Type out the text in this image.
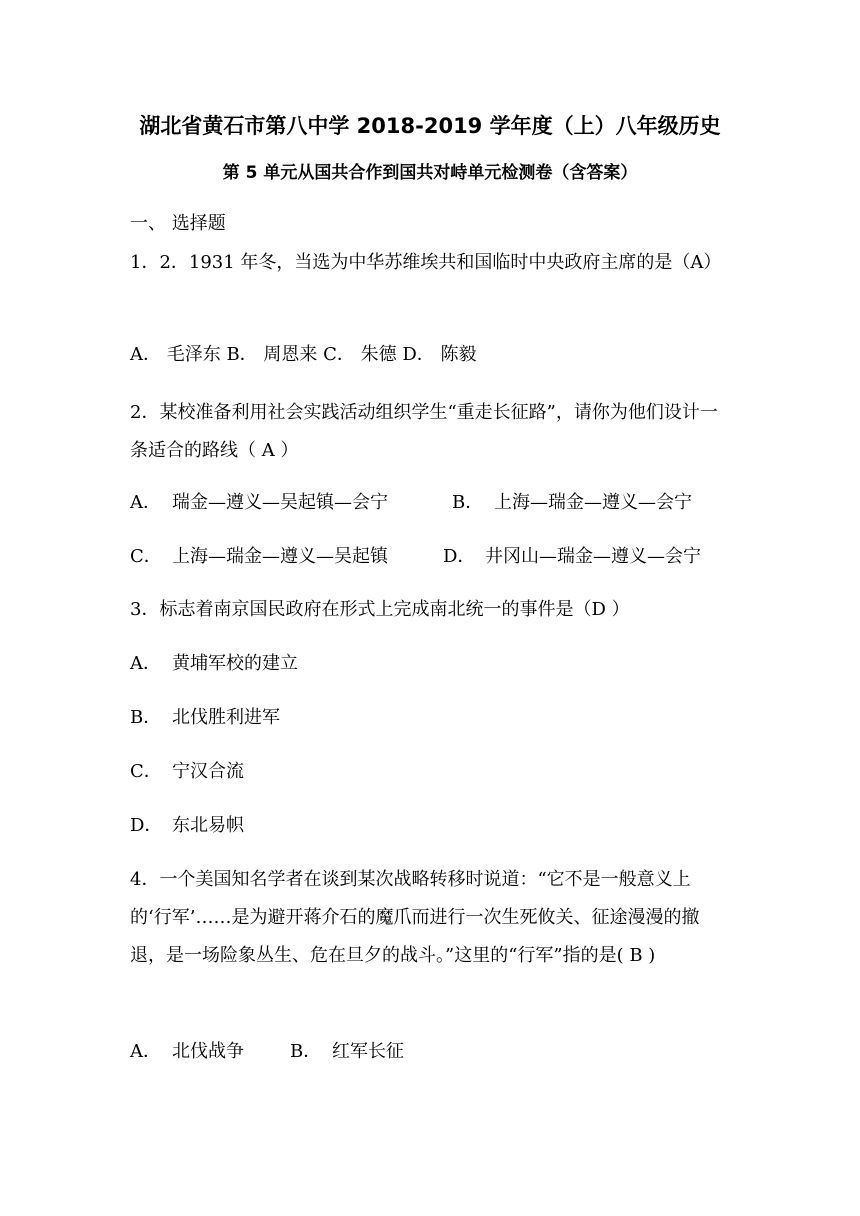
湖北省黄石市第八中学 2018-2019 学年度（上）八年级历史
第 5 单元从国共合作到国共对峙单元检测卷（含答案）
一、 选择题
1．2．1931 年冬，当选为中华苏维埃共和国临时中央政府主席的是（A）
A． 毛泽东 B． 周恩来 C． 朱德 D． 陈毅
2．某校准备利用社会实践活动组织学生“重走长征路”，请你为他们设计一条适合的路线（ A ）
A． 瑞金—遵义—吴起镇—会宁	B． 上海—瑞金—遵义—会宁
C． 上海—瑞金—遵义—吴起镇	D． 井冈山—瑞金—遵义—会宁
3．标志着南京国民政府在形式上完成南北统一的事件是（D ）
A． 黄埔军校的建立
B． 北伐胜利进军
C． 宁汉合流
D． 东北易帜
4．一个美国知名学者在谈到某次战略转移时说道：“它不是一般意义上的‘行军’……是为避开蒋介石的魔爪而进行一次生死攸关、征途漫漫的撤退，是一场险象丛生、危在旦夕的战斗。”这里的“行军”指的是( B )
A． 北伐战争	B． 红军长征
